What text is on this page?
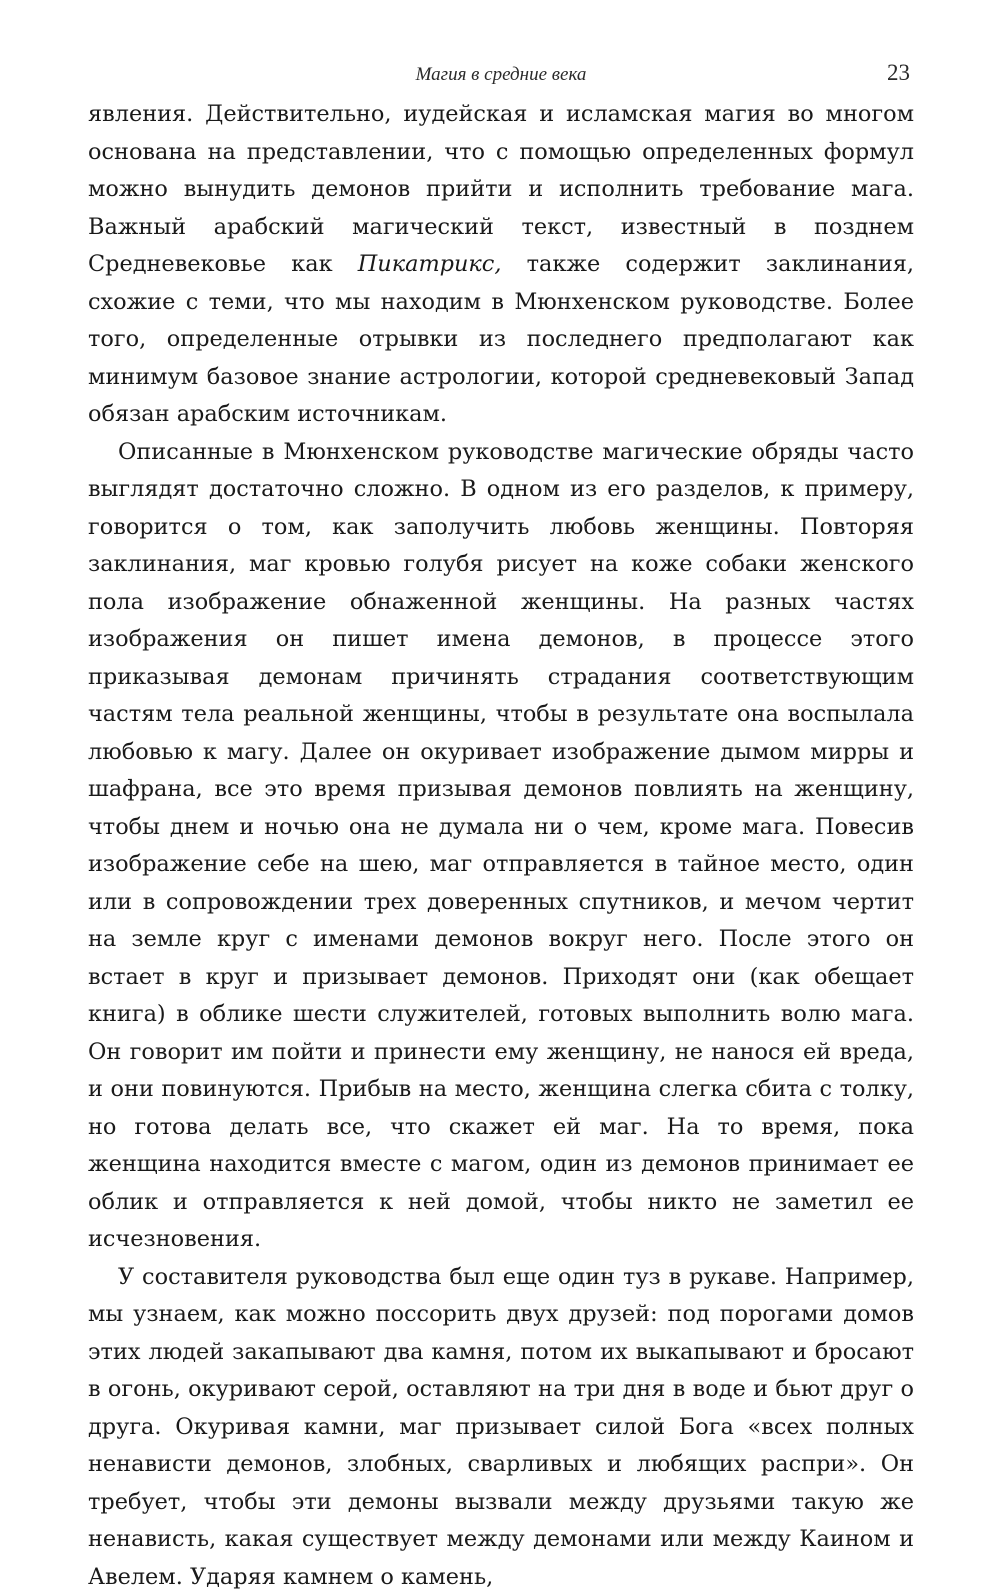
Магия в средние века	23

явления. Действительно, иудейская и исламская магия во многом основана на представлении, что с помощью определенных формул можно вынудить демонов прийти и исполнить требование мага. Важный арабский магический текст, известный в позднем Средневековье как Пикатрикс, также содержит заклинания, схожие с теми, что мы находим в Мюнхенском руководстве. Более того, определенные отрывки из последнего предполагают как минимум базовое знание астрологии, которой средневековый Запад обязан арабским источникам.

Описанные в Мюнхенском руководстве магические обряды часто выглядят достаточно сложно. В одном из его разделов, к примеру, говорится о том, как заполучить любовь женщины. Повторяя заклинания, маг кровью голубя рисует на коже собаки женского пола изображение обнаженной женщины. На разных частях изображения он пишет имена демонов, в процессе этого приказывая демонам причинять страдания соответствующим частям тела реальной женщины, чтобы в результате она воспылала любовью к магу. Далее он окуривает изображение дымом мирры и шафрана, все это время призывая демонов повлиять на женщину, чтобы днем и ночью она не думала ни о чем, кроме мага. Повесив изображение себе на шею, маг отправляется в тайное место, один или в сопровождении трех доверенных спутников, и мечом чертит на земле круг с именами демонов вокруг него. После этого он встает в круг и призывает демонов. Приходят они (как обещает книга) в облике шести служителей, готовых выполнить волю мага. Он говорит им пойти и принести ему женщину, не нанося ей вреда, и они повинуются. Прибыв на место, женщина слегка сбита с толку, но готова делать все, что скажет ей маг. На то время, пока женщина находится вместе с магом, один из демонов принимает ее облик и отправляется к ней домой, чтобы никто не заметил ее исчезновения.

У составителя руководства был еще один туз в рукаве. Например, мы узнаем, как можно поссорить двух друзей: под порогами домов этих людей закапывают два камня, потом их выкапывают и бросают в огонь, окуривают серой, оставляют на три дня в воде и бьют друг о друга. Окуривая камни, маг призывает силой Бога «всех полных ненависти демонов, злобных, сварливых и любящих распри». Он требует, чтобы эти демоны вызвали между друзьями такую же ненависть, какая существует между демонами или между Каином и Авелем. Ударяя камнем о камень,
